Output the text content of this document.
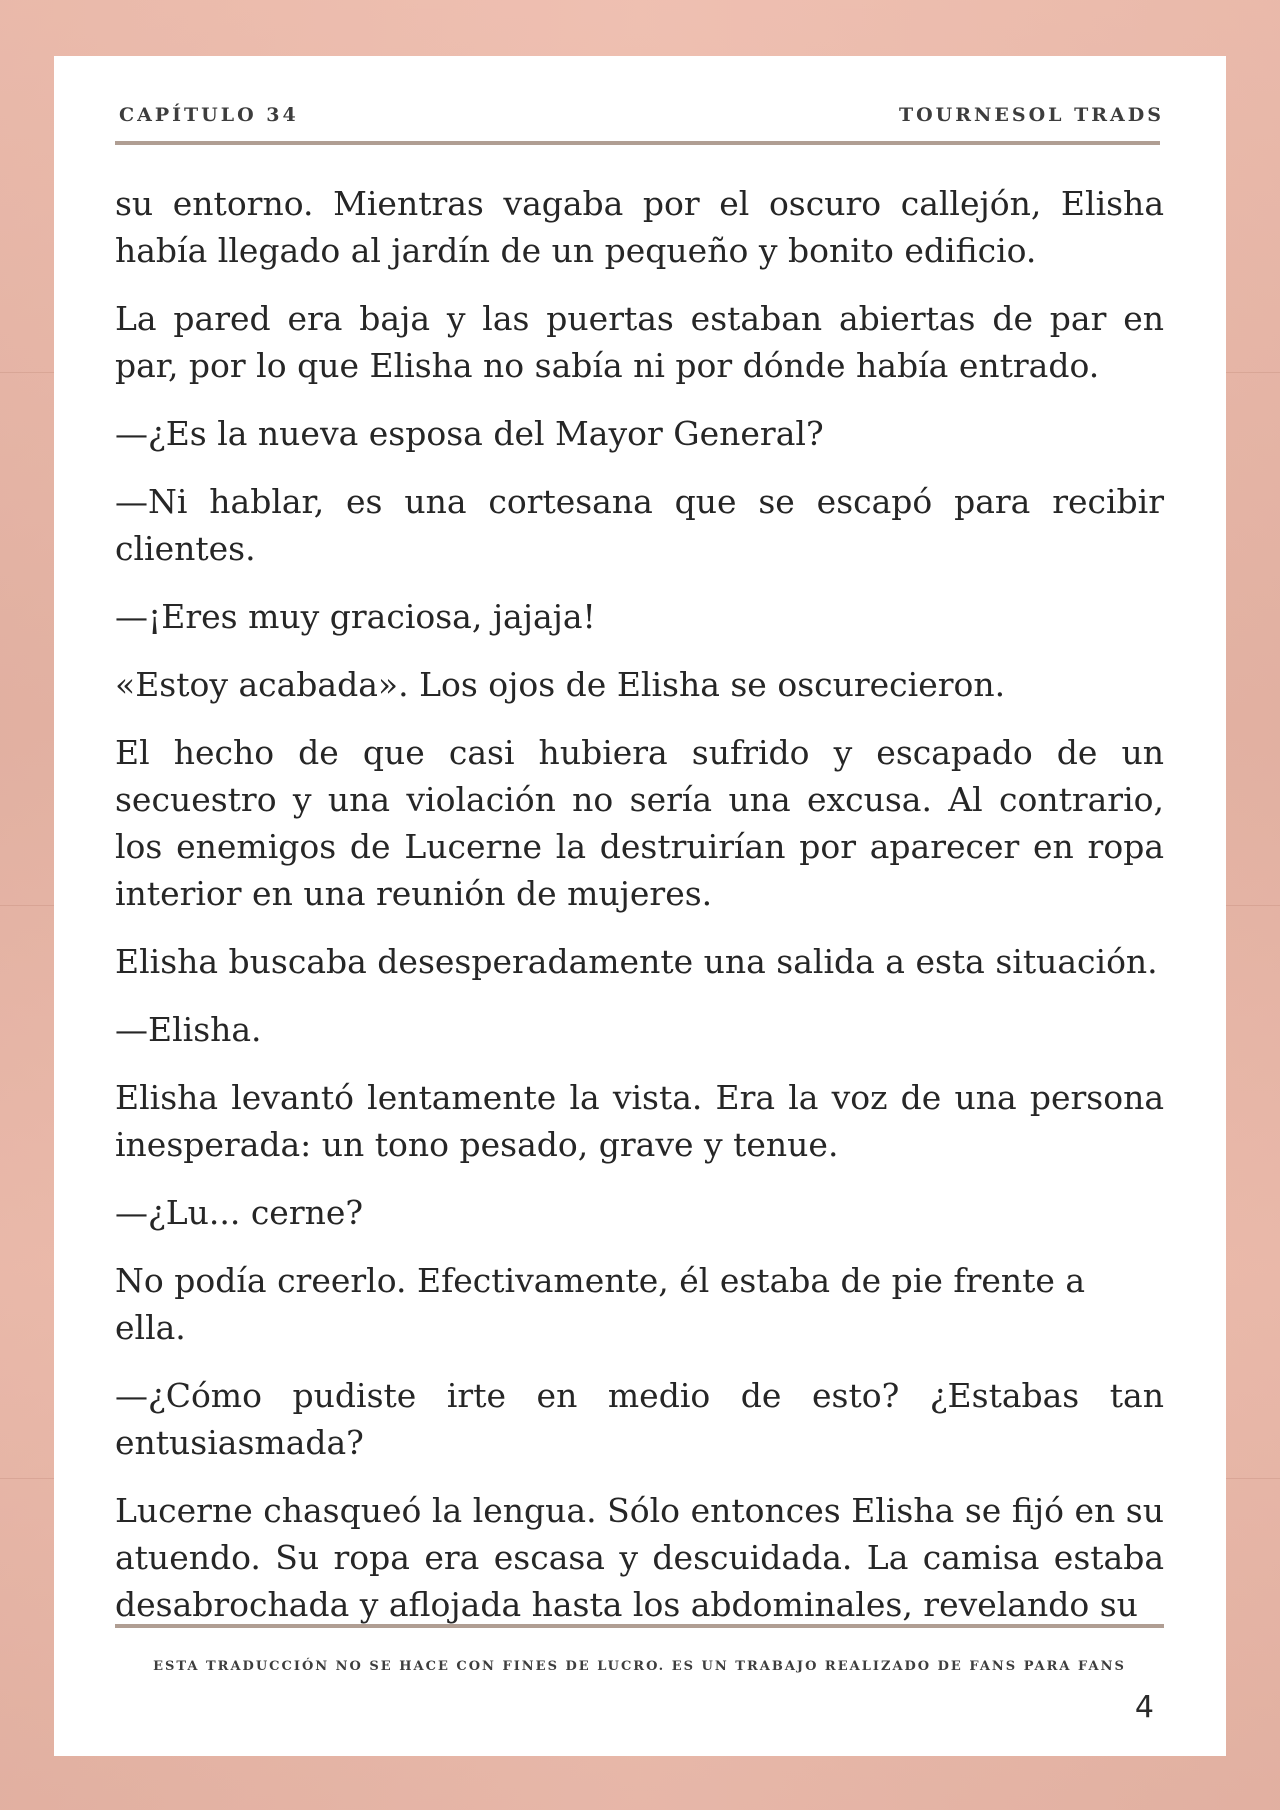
CAPÍTULO 34	TOURNESOL TRADS

su entorno. Mientras vagaba por el oscuro callejón, Elisha había llegado al jardín de un pequeño y bonito edificio.

La pared era baja y las puertas estaban abiertas de par en par, por lo que Elisha no sabía ni por dónde había entrado.

—¿Es la nueva esposa del Mayor General?

—Ni hablar, es una cortesana que se escapó para recibir clientes.

—¡Eres muy graciosa, jajaja!

«Estoy acabada». Los ojos de Elisha se oscurecieron.

El hecho de que casi hubiera sufrido y escapado de un secuestro y una violación no sería una excusa. Al contrario, los enemigos de Lucerne la destruirían por aparecer en ropa interior en una reunión de mujeres.

Elisha buscaba desesperadamente una salida a esta situación.

—Elisha.

Elisha levantó lentamente la vista. Era la voz de una persona inesperada: un tono pesado, grave y tenue.

—¿Lu... cerne?

No podía creerlo. Efectivamente, él estaba de pie frente a ella.

—¿Cómo pudiste irte en medio de esto? ¿Estabas tan entusiasmada?

Lucerne chasqueó la lengua. Sólo entonces Elisha se fijó en su atuendo. Su ropa era escasa y descuidada. La camisa estaba desabrochada y aflojada hasta los abdominales, revelando su

ESTA TRADUCCIÓN NO SE HACE CON FINES DE LUCRO. ES UN TRABAJO REALIZADO DE FANS PARA FANS
4
